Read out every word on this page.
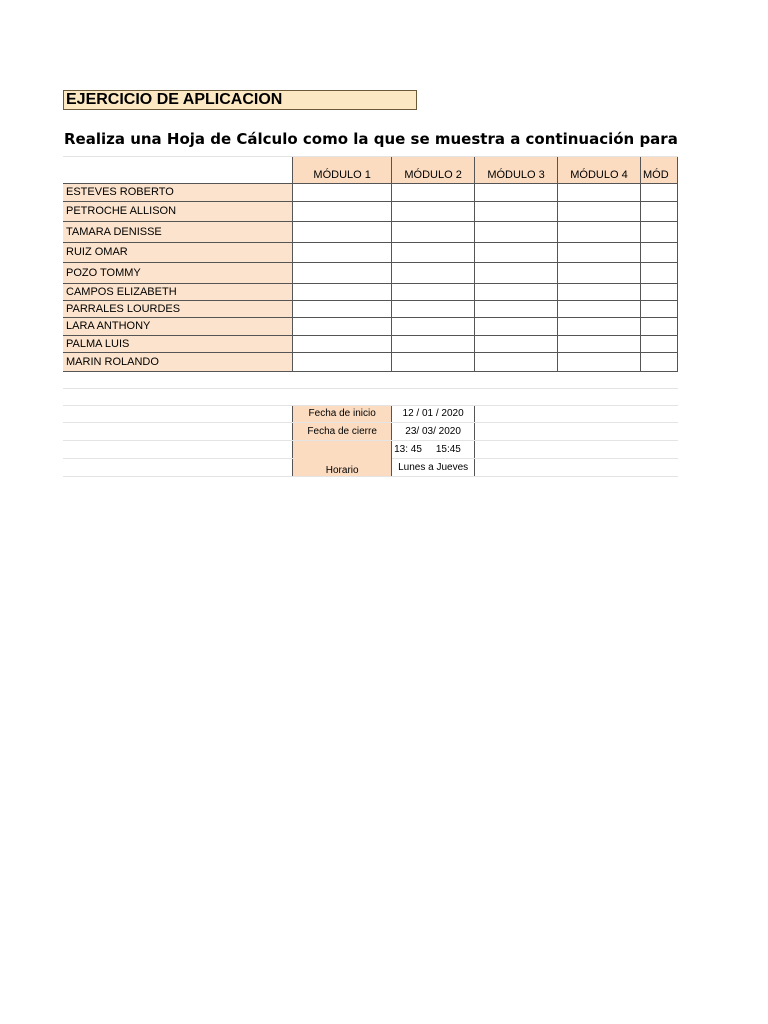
EJERCICIO DE APLICACION
Realiza una Hoja de Cálculo como la que se muestra a continuación para

	MÓDULO 1	MÓDULO 2	MÓDULO 3	MÓDULO 4	MÓD
ESTEVES ROBERTO					
PETROCHE ALLISON					
TAMARA DENISSE					
RUIZ OMAR					
POZO TOMMY					
CAMPOS ELIZABETH					
PARRALES LOURDES					
LARA ANTHONY					
PALMA LUIS					
MARIN ROLANDO					

	Fecha de inicio	12 / 01 / 2020			
	Fecha de cierre	23/ 03/ 2020			
	Horario	13: 45     15:45			
		Lunes a Jueves			
